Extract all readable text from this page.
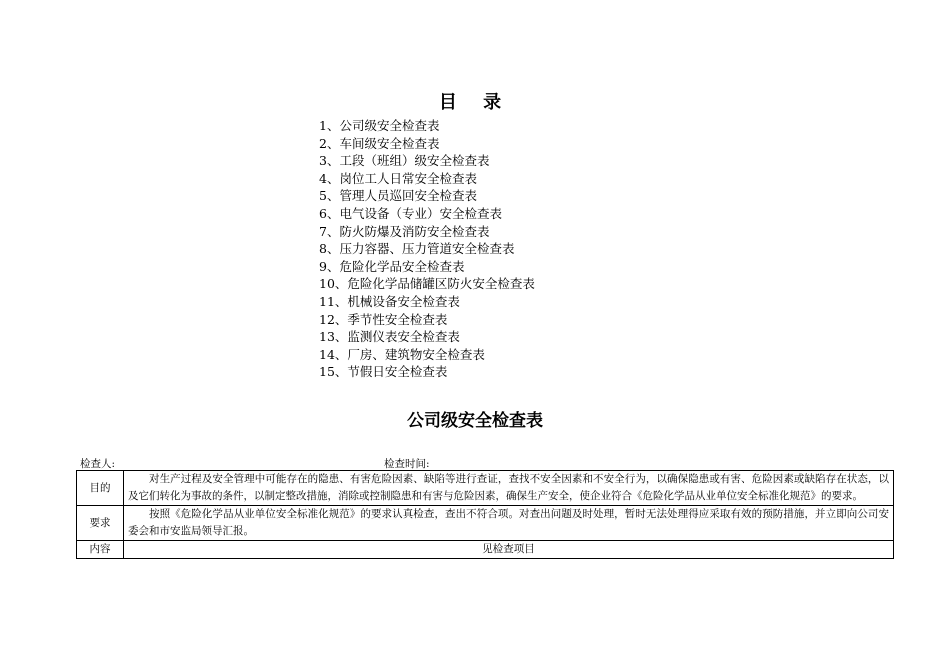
目 录
1、公司级安全检查表
2、车间级安全检查表
3、工段（班组）级安全检查表
4、岗位工人日常安全检查表
5、管理人员巡回安全检查表
6、电气设备（专业）安全检查表
7、防火防爆及消防安全检查表
8、压力容器、压力管道安全检查表
9、危险化学品安全检查表
10、危险化学品储罐区防火安全检查表
11、机械设备安全检查表
12、季节性安全检查表
13、监测仪表安全检查表
14、厂房、建筑物安全检查表
15、节假日安全检查表
公司级安全检查表
检查人:	检查时间:
目的	对生产过程及安全管理中可能存在的隐患、有害危险因素、缺陷等进行查证，查找不安全因素和不安全行为，以确保隐患或有害、危险因素或缺陷存在状态，以及它们转化为事故的条件，以制定整改措施，消除或控制隐患和有害与危险因素，确保生产安全，使企业符合《危险化学品从业单位安全标准化规范》的要求。
要求	按照《危险化学品从业单位安全标准化规范》的要求认真检查，查出不符合项。对查出问题及时处理，暂时无法处理得应采取有效的预防措施，并立即向公司安委会和市安监局领导汇报。
内容	见检查项目
